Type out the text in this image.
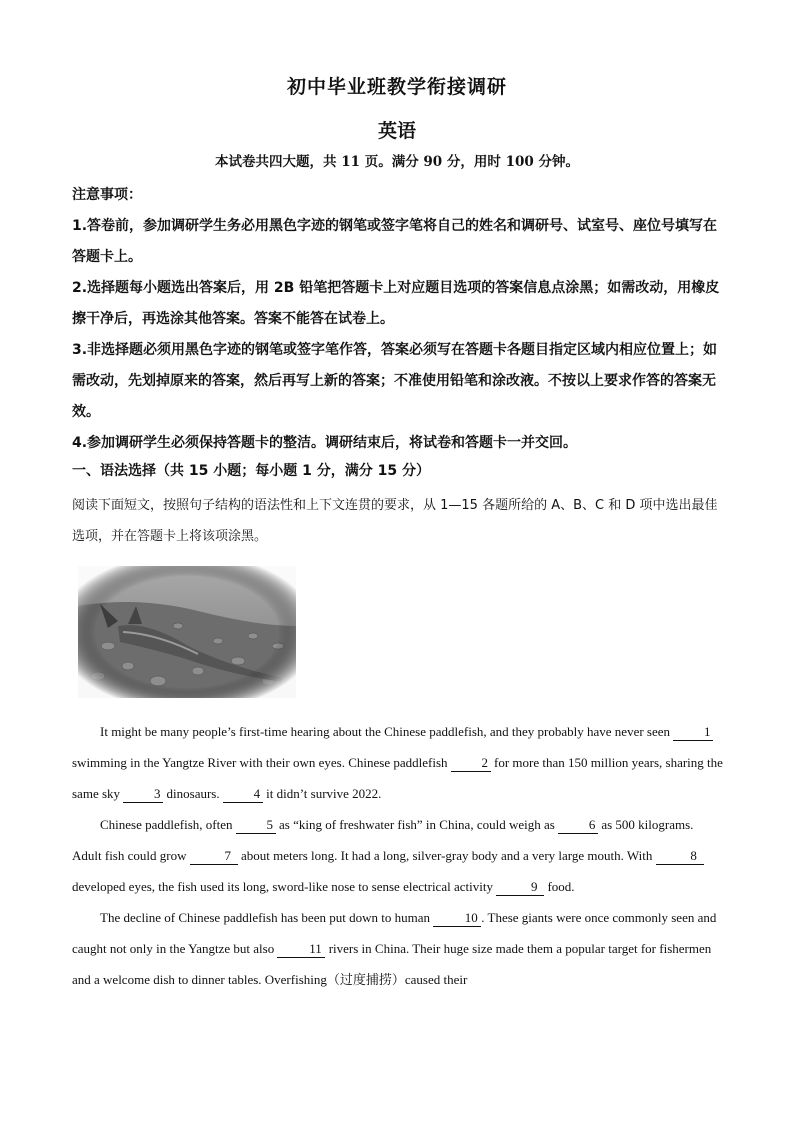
初中毕业班教学衔接调研
英语
本试卷共四大题，共 11 页。满分 90 分，用时 100 分钟。
注意事项：
1.答卷前，参加调研学生务必用黑色字迹的钢笔或签字笔将自己的姓名和调研号、试室号、座位号填写在答题卡上。
2.选择题每小题选出答案后，用 2B 铅笔把答题卡上对应题目选项的答案信息点涂黑；如需改动，用橡皮擦干净后，再选涂其他答案。答案不能答在试卷上。
3.非选择题必须用黑色字迹的钢笔或签字笔作答，答案必须写在答题卡各题目指定区域内相应位置上；如需改动，先划掉原来的答案，然后再写上新的答案；不准使用铅笔和涂改液。不按以上要求作答的答案无效。
4.参加调研学生必须保持答题卡的整洁。调研结束后，将试卷和答题卡一并交回。
一、语法选择（共 15 小题；每小题 1 分，满分 15 分）
阅读下面短文，按照句子结构的语法性和上下文连贯的要求，从 1—15 各题所给的 A、B、C 和 D 项中选出最佳选项，并在答题卡上将该项涂黑。

It might be many people’s first-time hearing about the Chinese paddlefish, and they probably have never seen 1 swimming in the Yangtze River with their own eyes. Chinese paddlefish 2 for more than 150 million years, sharing the same sky 3 dinosaurs. 4 it didn’t survive 2022.

Chinese paddlefish, often 5 as “king of freshwater fish” in China, could weigh as 6 as 500 kilograms. Adult fish could grow	7 about meters long. It had a long, silver-gray body and a very large mouth. With	8 developed eyes, the fish used its long, sword-like nose to sense electrical activity	9 food.

The decline of Chinese paddlefish has been put down to human 10 . These giants were once commonly seen and caught not only in the Yangtze but also 11 rivers in China. Their huge size made them a popular target for fishermen and a welcome dish to dinner tables. Overfishing（过度捕捞）caused their
